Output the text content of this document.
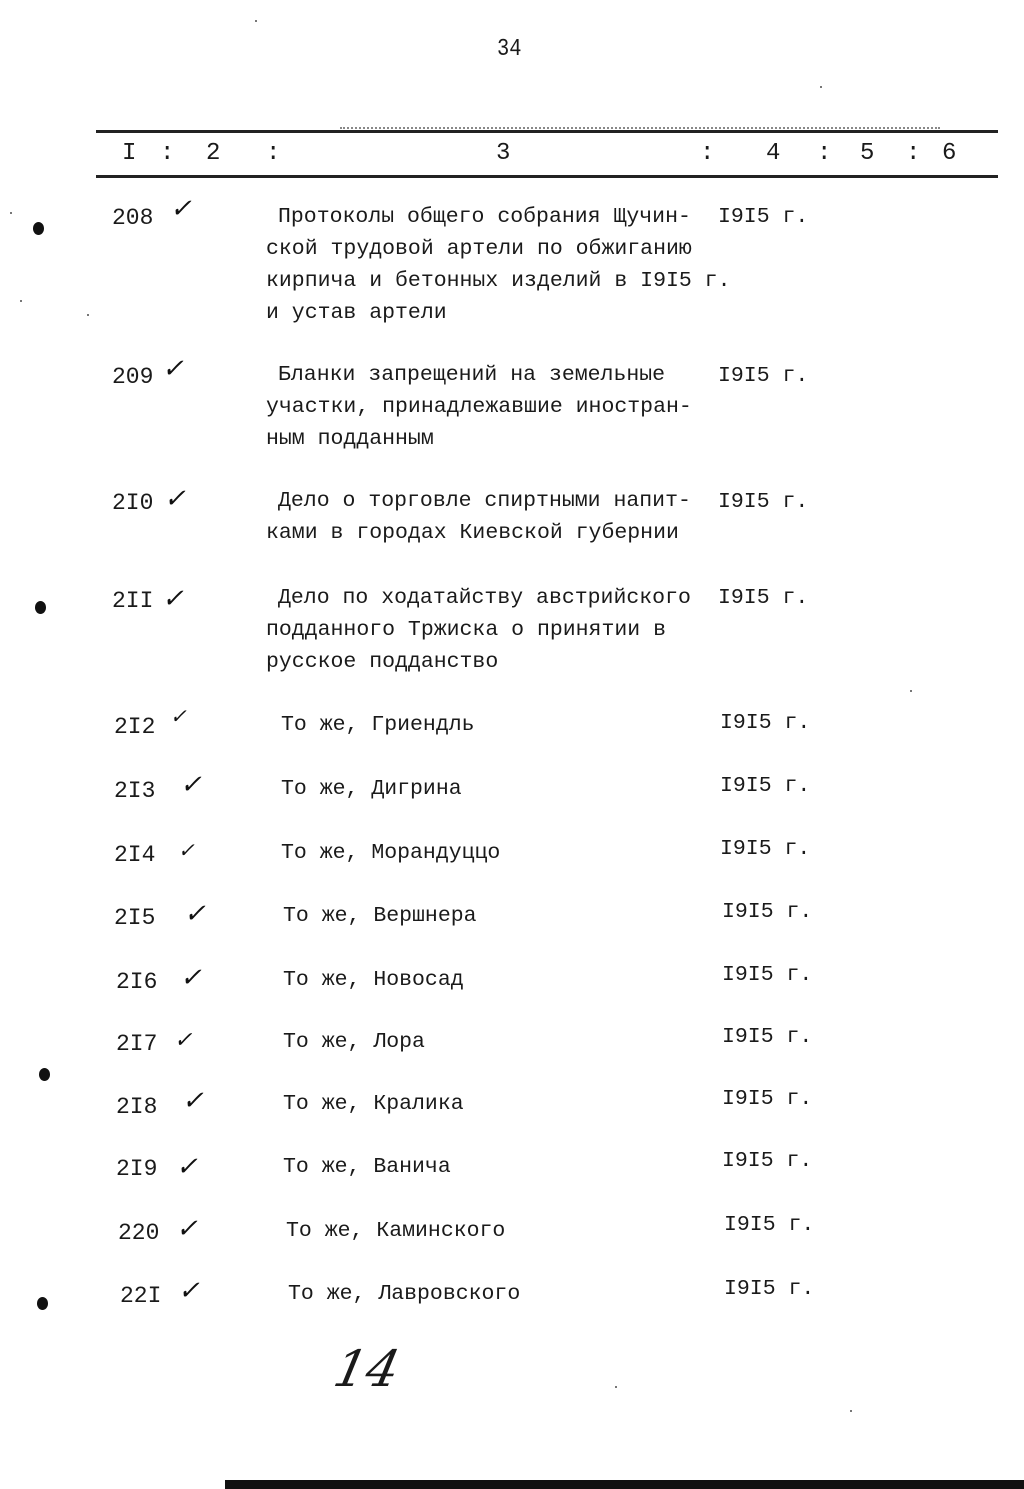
34
I : 2 :	3	: 4 : 5 : 6
208 ✓	Протоколы общего собрания Щучин-
ской трудовой артели по обжиганию
кирпича и бетонных изделий в I9I5 г.
и устав артели
I9I5 г.
209 ✓	Бланки запрещений на земельные
участки, принадлежавшие иностран-
ным подданным
I9I5 г.
2I0 ✓	Дело о торговле спиртными напит-
ками в городах Киевской губернии
I9I5 г.
2II ✓	Дело по ходатайству австрийского
подданного Тржиска о принятии в
русское подданство
I9I5 г.
2I2 ✓	То же, Гриендль	I9I5 г.
2I3 ✓	То же, Дигрина	I9I5 г.
2I4 ✓	То же, Морандуццо	I9I5 г.
2I5 ✓	То же, Вершнера	I9I5 г.
2I6 ✓	То же, Новосад	I9I5 г.
2I7 ✓	То же, Лора	I9I5 г.
2I8 ✓	То же, Кралика	I9I5 г.
2I9 ✓	То же, Ванича	I9I5 г.
220 ✓	То же, Каминского	I9I5 г.
22I ✓	То же, Лавровского	I9I5 г.
14
